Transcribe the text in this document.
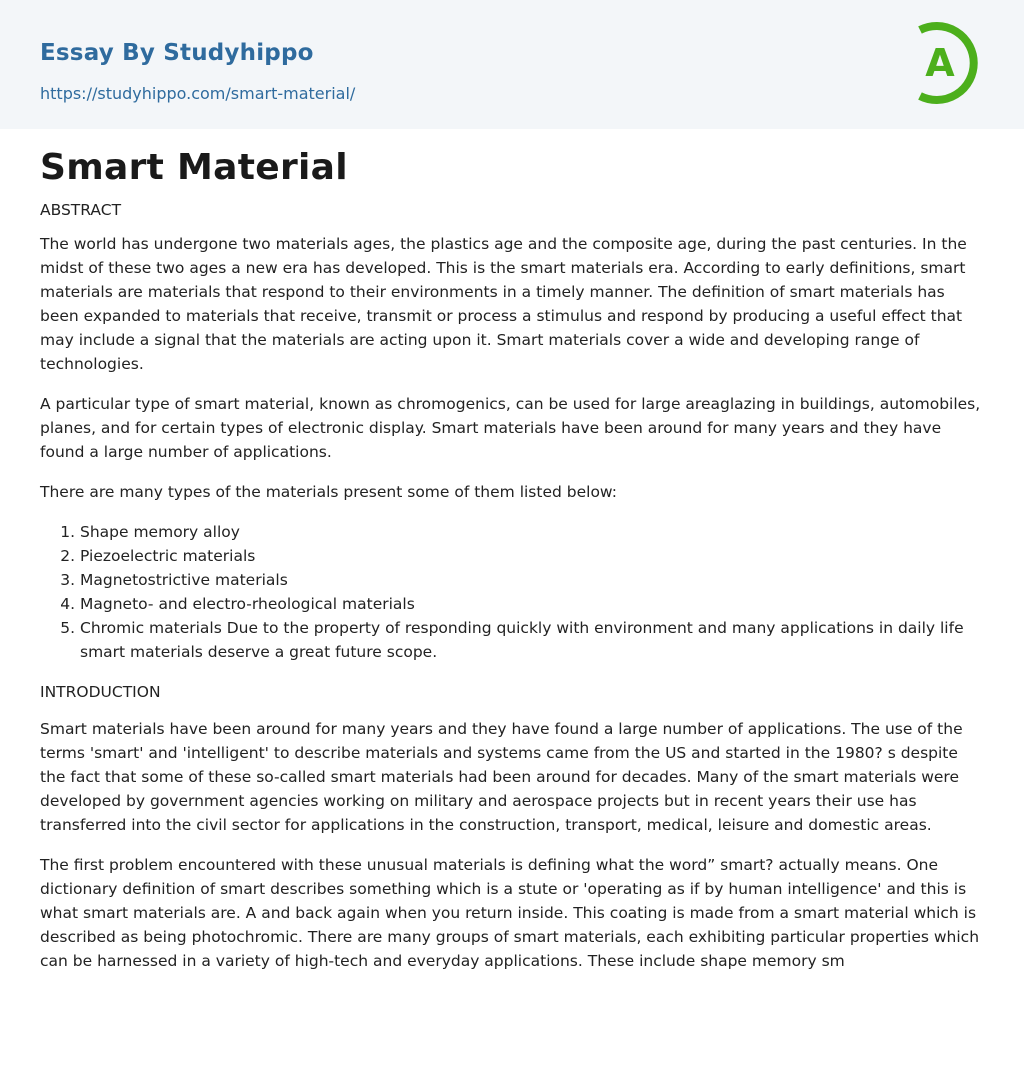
Essay By Studyhippo
https://studyhippo.com/smart-material/
A
Smart Material
ABSTRACT

The world has undergone two materials ages, the plastics age and the composite age, during the past centuries. In the midst of these two ages a new era has developed. This is the smart materials era. According to early definitions, smart materials are materials that respond to their environments in a timely manner. The definition of smart materials has been expanded to materials that receive, transmit or process a stimulus and respond by producing a useful effect that may include a signal that the materials are acting upon it. Smart materials cover a wide and developing range of technologies.

A particular type of smart material, known as chromogenics, can be used for large areaglazing in buildings, automobiles, planes, and for certain types of electronic display. Smart materials have been around for many years and they have found a large number of applications.

There are many types of the materials present some of them listed below:

1. Shape memory alloy
2. Piezoelectric materials
3. Magnetostrictive materials
4. Magneto- and electro-rheological materials
5. Chromic materials Due to the property of responding quickly with environment and many applications in daily life smart materials deserve a great future scope.
INTRODUCTION

Smart materials have been around for many years and they have found a large number of applications. The use of the terms 'smart' and 'intelligent' to describe materials and systems came from the US and started in the 1980? s despite the fact that some of these so-called smart materials had been around for decades. Many of the smart materials were developed by government agencies working on military and aerospace projects but in recent years their use has transferred into the civil sector for applications in the construction, transport, medical, leisure and domestic areas.

The first problem encountered with these unusual materials is defining what the word” smart? actually means. One dictionary definition of smart describes something which is a stute or 'operating as if by human intelligence' and this is what smart materials are. A and back again when you return inside. This coating is made from a smart material which is described as being photochromic. There are many groups of smart materials, each exhibiting particular properties which can be harnessed in a variety of high-tech and everyday applications. These include shape memory sm
